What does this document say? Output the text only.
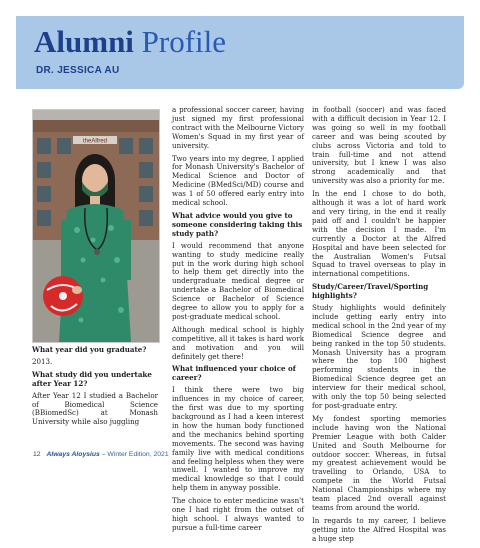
Alumni Profile
DR. JESSICA AU
theAlfred
What year did you graduate?

2013.

What study did you undertake after Year 12?

After Year 12 I studied a Bachelor of Biomedical Science (BBiomedSc) at Monash University while also juggling

a professional soccer career, having just signed my first professional contract with the Melbourne Victory Women's Squad in my first year of university.

Two years into my degree, I applied for Monash University's Bachelor of Medical Science and Doctor of Medicine (BMedSci/MD) course and was 1 of 50 offered early entry into medical school.

What advice would you give to someone considering taking this study path?

I would recommend that anyone wanting to study medicine really put in the work during high school to help them get directly into the undergraduate medical degree or undertake a Bachelor of Biomedical Science or Bachelor of Science degree to allow you to apply for a post-graduate medical school.

Although medical school is highly competitive, all it takes is hard work and motivation and you will definitely get there!

What influenced your choice of career?

I think there were two big influences in my choice of career, the first was due to my sporting background as I had a keen interest in how the human body functioned and the mechanics behind sporting movements. The second was having family live with medical conditions and feeling helpless when they were unwell. I wanted to improve my medical knowledge so that I could help them in anyway possible.

The choice to enter medicine wasn't one I had right from the outset of high school. I always wanted to pursue a full-time career

in football (soccer) and was faced with a difficult decision in Year 12. I was going so well in my football career and was being scouted by clubs across Victoria and told to train full-time and not attend university, but I knew I was also strong academically and that university was also a priority for me.

In the end I chose to do both, although it was a lot of hard work and very tiring, in the end it really paid off and I couldn't be happier with the decision I made. I'm currently a Doctor at the Alfred Hospital and have been selected for the Australian Women's Futsal Squad to travel overseas to play in international competitions.

Study/Career/Travel/Sporting highlights?

Study highlights would definitely include getting early entry into medical school in the 2nd year of my Biomedical Science degree and being ranked in the top 50 students. Monash University has a program where the top 100 highest performing students in the Biomedical Science degree get an interview for their medical school, with only the top 50 being selected for post-graduate entry.

My fondest sporting memories include having won the National Premier League with both Calder United and South Melbourne for outdoor soccer. Whereas, in futsal my greatest achievement would be travelling to Orlando, USA to compete in the World Futsal National Championships where my team placed 2nd overall against teams from around the world.

In regards to my career, I believe getting into the Alfred Hospital was a huge step

12 Always Aloysius – Winter Edition, 2021
